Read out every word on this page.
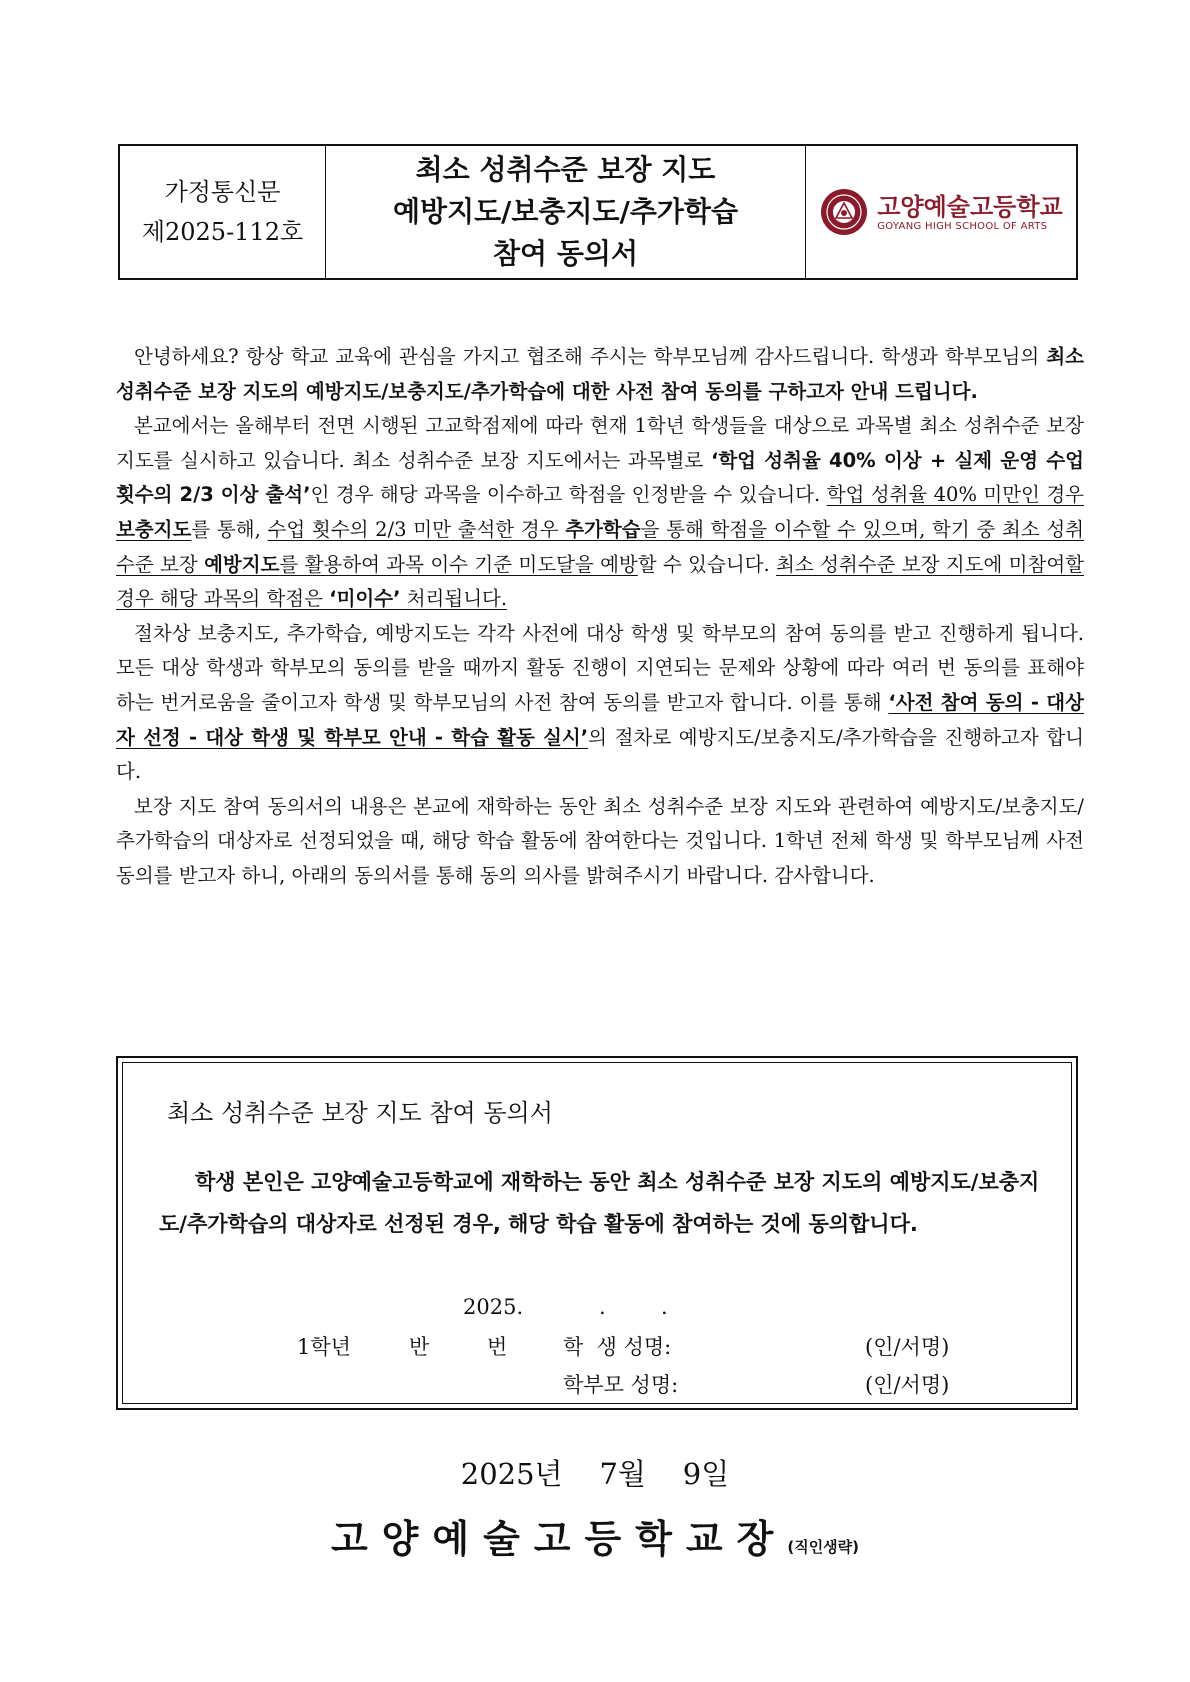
가정통신문
제2025-112호
최소 성취수준 보장 지도
예방지도/보충지도/추가학습
참여 동의서
고양예술고등학교
GOYANG HIGH SCHOOL OF ARTS

안녕하세요? 항상 학교 교육에 관심을 가지고 협조해 주시는 학부모님께 감사드립니다. 학생과 학부모님의 최소 성취수준 보장 지도의 예방지도/보충지도/추가학습에 대한 사전 참여 동의를 구하고자 안내 드립니다.

본교에서는 올해부터 전면 시행된 고교학점제에 따라 현재 1학년 학생들을 대상으로 과목별 최소 성취수준 보장 지도를 실시하고 있습니다. 최소 성취수준 보장 지도에서는 과목별로 ‘학업 성취율 40% 이상 + 실제 운영 수업 횟수의 2/3 이상 출석’인 경우 해당 과목을 이수하고 학점을 인정받을 수 있습니다. 학업 성취율 40% 미만인 경우 보충지도를 통해, 수업 횟수의 2/3 미만 출석한 경우 추가학습을 통해 학점을 이수할 수 있으며, 학기 중 최소 성취수준 보장 예방지도를 활용하여 과목 이수 기준 미도달을 예방할 수 있습니다. 최소 성취수준 보장 지도에 미참여할 경우 해당 과목의 학점은 ‘미이수’ 처리됩니다.

절차상 보충지도, 추가학습, 예방지도는 각각 사전에 대상 학생 및 학부모의 참여 동의를 받고 진행하게 됩니다. 모든 대상 학생과 학부모의 동의를 받을 때까지 활동 진행이 지연되는 문제와 상황에 따라 여러 번 동의를 표해야 하는 번거로움을 줄이고자 학생 및 학부모님의 사전 참여 동의를 받고자 합니다. 이를 통해 ‘사전 참여 동의 - 대상자 선정 - 대상 학생 및 학부모 안내 - 학습 활동 실시’의 절차로 예방지도/보충지도/추가학습을 진행하고자 합니다.

보장 지도 참여 동의서의 내용은 본교에 재학하는 동안 최소 성취수준 보장 지도와 관련하여 예방지도/보충지도/추가학습의 대상자로 선정되었을 때, 해당 학습 활동에 참여한다는 것입니다. 1학년 전체 학생 및 학부모님께 사전 동의를 받고자 하니, 아래의 동의서를 통해 동의 의사를 밝혀주시기 바랍니다. 감사합니다.

최소 성취수준 보장 지도 참여 동의서
학생 본인은 고양예술고등학교에 재학하는 동안 최소 성취수준 보장 지도의 예방지도/보충지도/추가학습의 대상자로 선정된 경우, 해당 학습 활동에 참여하는 것에 동의합니다.
2025.	.	.
1학년	반	번	학  생 성명:	(인/서명)
학부모 성명:	(인/서명)
2025년    7월    9일
고양예술고등학교장(직인생략)
